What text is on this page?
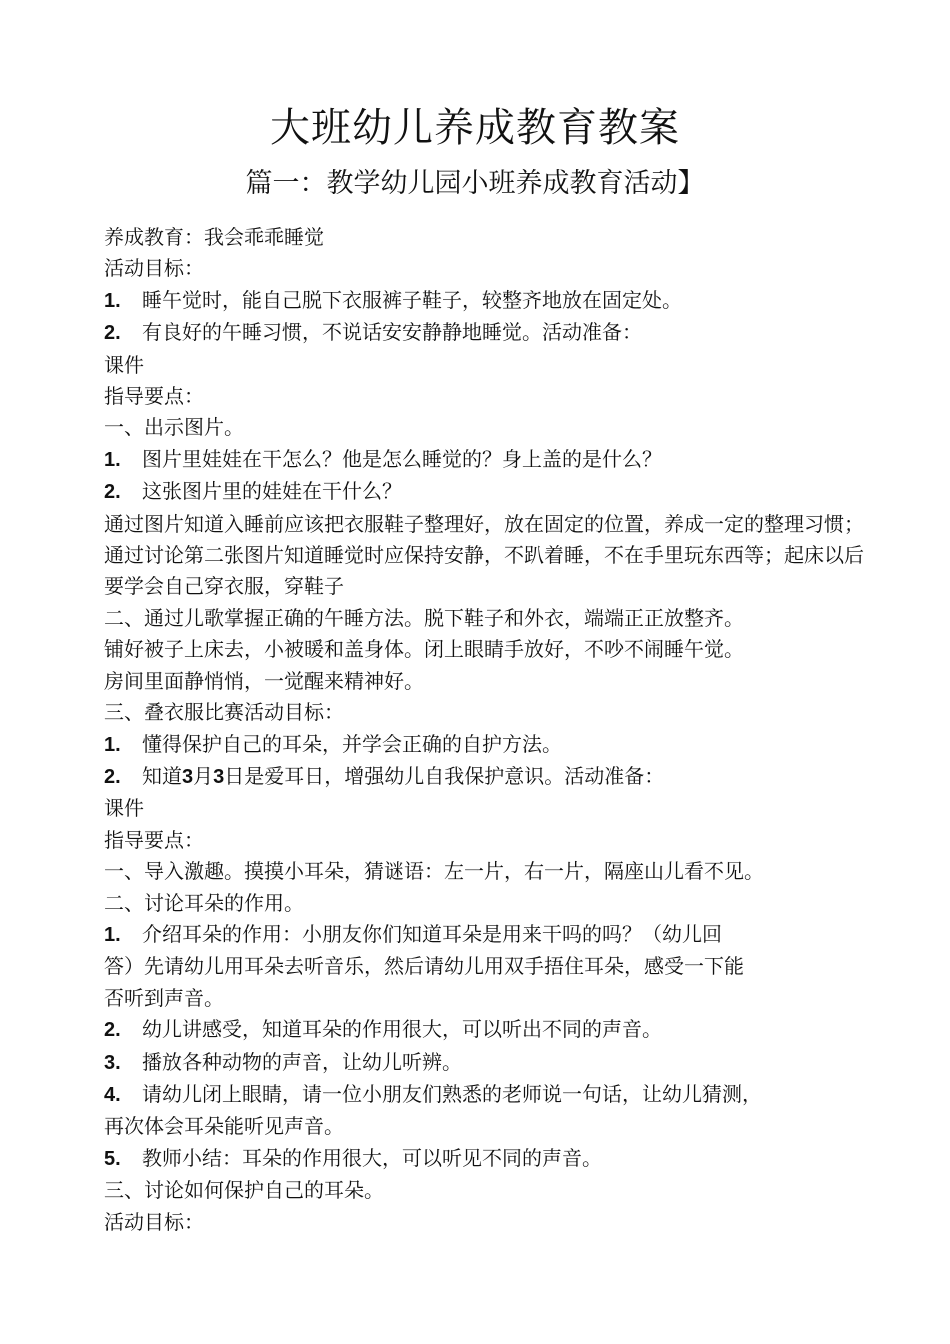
大班幼儿养成教育教案
篇一：教学幼儿园小班养成教育活动】
养成教育：我会乖乖睡觉
活动目标：
1. 睡午觉时，能自己脱下衣服裤子鞋子，较整齐地放在固定处。
2. 有良好的午睡习惯，不说话安安静静地睡觉。活动准备：
课件
指导要点：
一、出示图片。
1. 图片里娃娃在干怎么？他是怎么睡觉的？身上盖的是什么？
2. 这张图片里的娃娃在干什么？
通过图片知道入睡前应该把衣服鞋子整理好，放在固定的位置，养成一定的整理习惯；通过讨论第二张图片知道睡觉时应保持安静，不趴着睡，不在手里玩东西等；起床以后要学会自己穿衣服，穿鞋子
二、通过儿歌掌握正确的午睡方法。脱下鞋子和外衣，端端正正放整齐。
铺好被子上床去，小被暖和盖身体。闭上眼睛手放好，不吵不闹睡午觉。
房间里面静悄悄，一觉醒来精神好。
三、叠衣服比赛活动目标：
1. 懂得保护自己的耳朵，并学会正确的自护方法。
2. 知道3月3日是爱耳日，增强幼儿自我保护意识。活动准备：
课件
指导要点：
一、导入激趣。摸摸小耳朵，猜谜语：左一片，右一片，隔座山儿看不见。
二、讨论耳朵的作用。
1. 介绍耳朵的作用：小朋友你们知道耳朵是用来干吗的吗？（幼儿回
答）先请幼儿用耳朵去听音乐，然后请幼儿用双手捂住耳朵，感受一下能
否听到声音。
2. 幼儿讲感受，知道耳朵的作用很大，可以听出不同的声音。
3. 播放各种动物的声音，让幼儿听辨。
4. 请幼儿闭上眼睛，请一位小朋友们熟悉的老师说一句话，让幼儿猜测，
再次体会耳朵能听见声音。
5. 教师小结：耳朵的作用很大，可以听见不同的声音。
三、讨论如何保护自己的耳朵。
活动目标：
